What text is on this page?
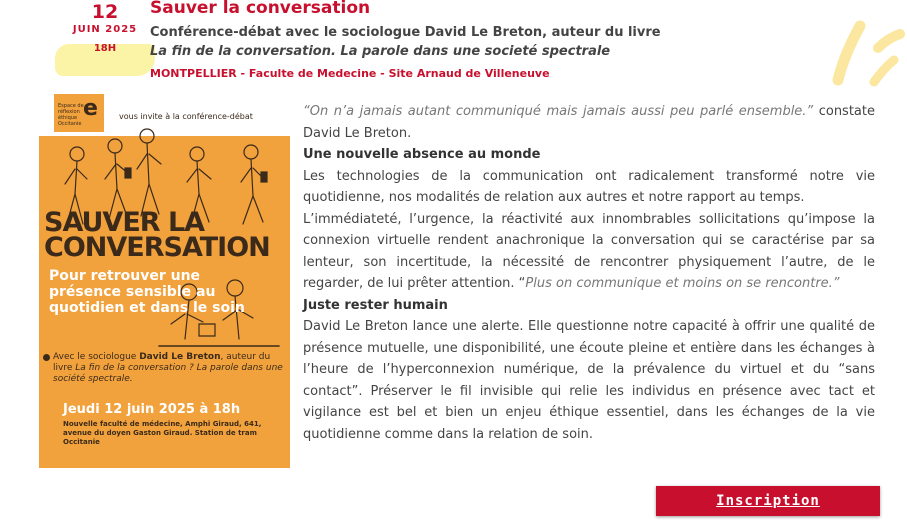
12
JUIN 2025
18H
Sauver la conversation

Conférence-débat avec le sociologue David Le Breton, auteur du livre

La fin de la conversation. La parole dans une societé spectrale

MONTPELLIER - Faculte de Medecine - Site Arnaud de Villeneuve

e
Espace de réflexion éthique Occitanie
vous invite à la conférence-débat
SAUVER LA
CONVERSATION
Pour retrouver une présence sensible au quotidien et dans le soin
Avec le sociologue David Le Breton, auteur du livre La fin de la conversation ? La parole dans une société spectrale.
Jeudi 12 juin 2025 à 18h
Nouvelle faculté de médecine, Amphi Giraud, 641, avenue du doyen Gaston Giraud. Station de tram Occitanie

“On n’a jamais autant communiqué mais jamais aussi peu parlé ensemble.” constate David Le Breton.

Une nouvelle absence au monde

Les technologies de la communication ont radicalement transformé notre vie quotidienne, nos modalités de relation aux autres et notre rapport au temps.

L’immédiateté, l’urgence, la réactivité aux innombrables sollicitations qu’impose la connexion virtuelle rendent anachronique la conversation qui se caractérise par sa lenteur, son incertitude, la nécessité de rencontrer physiquement l’autre, de le regarder, de lui prêter attention. “Plus on communique et moins on se rencontre.”

Juste rester humain

David Le Breton lance une alerte. Elle questionne notre capacité à offrir une qualité de présence mutuelle, une disponibilité, une écoute pleine et entière dans les échanges à l’heure de l’hyperconnexion numérique, de la prévalence du virtuel et du “sans contact”. Préserver le fil invisible qui relie les individus en présence avec tact et vigilance est bel et bien un enjeu éthique essentiel, dans les échanges de la vie quotidienne comme dans la relation de soin.

Inscription
